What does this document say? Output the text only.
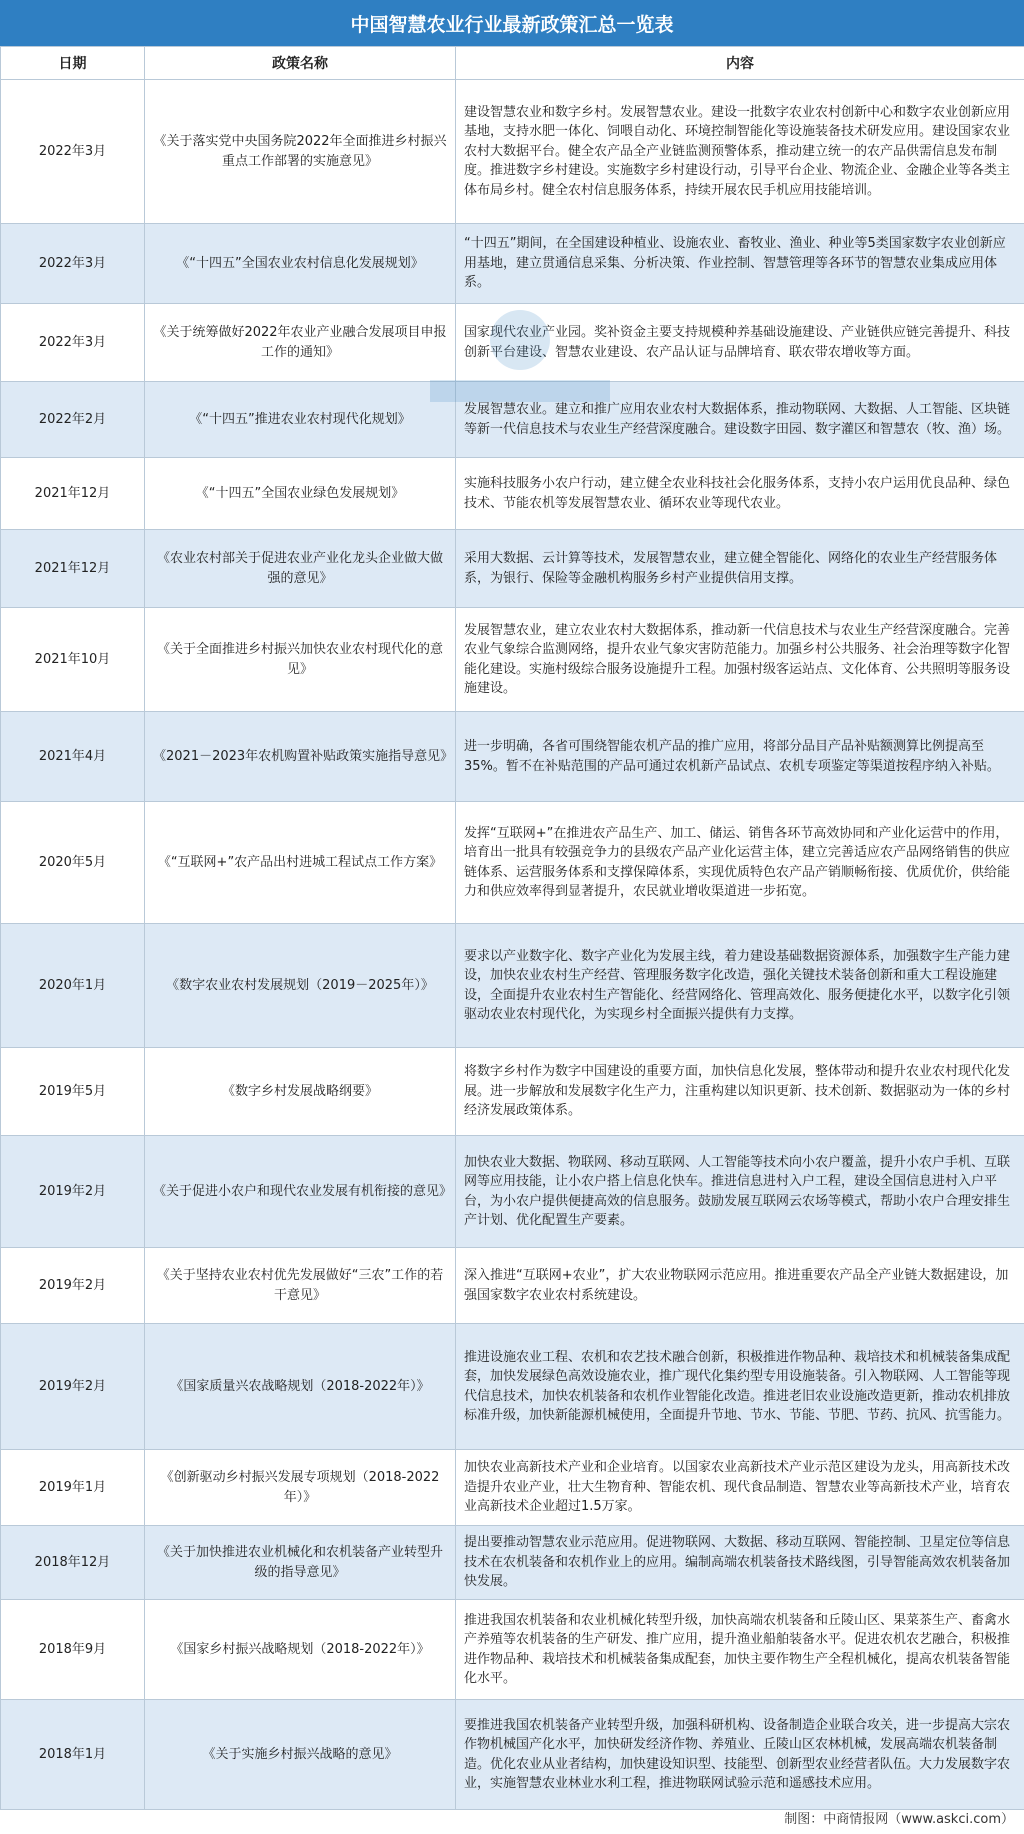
中国智慧农业行业最新政策汇总一览表
日期	政策名称	内容
2022年3月	《关于落实党中央国务院2022年全面推进乡村振兴重点工作部署的实施意见》	建设智慧农业和数字乡村。发展智慧农业。建设一批数字农业农村创新中心和数字农业创新应用基地，支持水肥一体化、饲喂自动化、环境控制智能化等设施装备技术研发应用。建设国家农业农村大数据平台。健全农产品全产业链监测预警体系，推动建立统一的农产品供需信息发布制度。推进数字乡村建设。实施数字乡村建设行动，引导平台企业、物流企业、金融企业等各类主体布局乡村。健全农村信息服务体系，持续开展农民手机应用技能培训。
2022年3月	《“十四五”全国农业农村信息化发展规划》	“十四五”期间，在全国建设种植业、设施农业、畜牧业、渔业、种业等5类国家数字农业创新应用基地，建立贯通信息采集、分析决策、作业控制、智慧管理等各环节的智慧农业集成应用体系。
2022年3月	《关于统筹做好2022年农业产业融合发展项目申报工作的通知》	国家现代农业产业园。奖补资金主要支持规模种养基础设施建设、产业链供应链完善提升、科技创新平台建设、智慧农业建设、农产品认证与品牌培育、联农带农增收等方面。
2022年2月	《“十四五”推进农业农村现代化规划》	发展智慧农业。建立和推广应用农业农村大数据体系，推动物联网、大数据、人工智能、区块链等新一代信息技术与农业生产经营深度融合。建设数字田园、数字灌区和智慧农（牧、渔）场。
2021年12月	《“十四五”全国农业绿色发展规划》	实施科技服务小农户行动，建立健全农业科技社会化服务体系，支持小农户运用优良品种、绿色技术、节能农机等发展智慧农业、循环农业等现代农业。
2021年12月	《农业农村部关于促进农业产业化龙头企业做大做强的意见》	采用大数据、云计算等技术，发展智慧农业，建立健全智能化、网络化的农业生产经营服务体系，为银行、保险等金融机构服务乡村产业提供信用支撑。
2021年10月	《关于全面推进乡村振兴加快农业农村现代化的意见》	发展智慧农业，建立农业农村大数据体系，推动新一代信息技术与农业生产经营深度融合。完善农业气象综合监测网络，提升农业气象灾害防范能力。加强乡村公共服务、社会治理等数字化智能化建设。实施村级综合服务设施提升工程。加强村级客运站点、文化体育、公共照明等服务设施建设。
2021年4月	《2021－2023年农机购置补贴政策实施指导意见》	进一步明确，各省可围绕智能农机产品的推广应用，将部分品目产品补贴额测算比例提高至35%。暂不在补贴范围的产品可通过农机新产品试点、农机专项鉴定等渠道按程序纳入补贴。
2020年5月	《“互联网+”农产品出村进城工程试点工作方案》	发挥“互联网+”在推进农产品生产、加工、储运、销售各环节高效协同和产业化运营中的作用，培育出一批具有较强竞争力的县级农产品产业化运营主体，建立完善适应农产品网络销售的供应链体系、运营服务体系和支撑保障体系，实现优质特色农产品产销顺畅衔接、优质优价，供给能力和供应效率得到显著提升，农民就业增收渠道进一步拓宽。
2020年1月	《数字农业农村发展规划（2019－2025年）》	要求以产业数字化、数字产业化为发展主线，着力建设基础数据资源体系，加强数字生产能力建设，加快农业农村生产经营、管理服务数字化改造，强化关键技术装备创新和重大工程设施建设，全面提升农业农村生产智能化、经营网络化、管理高效化、服务便捷化水平，以数字化引领驱动农业农村现代化，为实现乡村全面振兴提供有力支撑。
2019年5月	《数字乡村发展战略纲要》	将数字乡村作为数字中国建设的重要方面，加快信息化发展，整体带动和提升农业农村现代化发展。进一步解放和发展数字化生产力，注重构建以知识更新、技术创新、数据驱动为一体的乡村经济发展政策体系。
2019年2月	《关于促进小农户和现代农业发展有机衔接的意见》	加快农业大数据、物联网、移动互联网、人工智能等技术向小农户覆盖，提升小农户手机、互联网等应用技能，让小农户搭上信息化快车。推进信息进村入户工程，建设全国信息进村入户平台，为小农户提供便捷高效的信息服务。鼓励发展互联网云农场等模式，帮助小农户合理安排生产计划、优化配置生产要素。
2019年2月	《关于坚持农业农村优先发展做好“三农”工作的若干意见》	深入推进“互联网+农业”，扩大农业物联网示范应用。推进重要农产品全产业链大数据建设，加强国家数字农业农村系统建设。
2019年2月	《国家质量兴农战略规划（2018-2022年）》	推进设施农业工程、农机和农艺技术融合创新，积极推进作物品种、栽培技术和机械装备集成配套，加快发展绿色高效设施农业，推广现代化集约型专用设施装备。引入物联网、人工智能等现代信息技术，加快农机装备和农机作业智能化改造。推进老旧农业设施改造更新，推动农机排放标准升级，加快新能源机械使用，全面提升节地、节水、节能、节肥、节药、抗风、抗雪能力。
2019年1月	《创新驱动乡村振兴发展专项规划（2018-2022年）》	加快农业高新技术产业和企业培育。以国家农业高新技术产业示范区建设为龙头，用高新技术改造提升农业产业，壮大生物育种、智能农机、现代食品制造、智慧农业等高新技术产业，培育农业高新技术企业超过1.5万家。
2018年12月	《关于加快推进农业机械化和农机装备产业转型升级的指导意见》	提出要推动智慧农业示范应用。促进物联网、大数据、移动互联网、智能控制、卫星定位等信息技术在农机装备和农机作业上的应用。编制高端农机装备技术路线图，引导智能高效农机装备加快发展。
2018年9月	《国家乡村振兴战略规划（2018-2022年）》	推进我国农机装备和农业机械化转型升级，加快高端农机装备和丘陵山区、果菜茶生产、畜禽水产养殖等农机装备的生产研发、推广应用，提升渔业船舶装备水平。促进农机农艺融合，积极推进作物品种、栽培技术和机械装备集成配套，加快主要作物生产全程机械化，提高农机装备智能化水平。
2018年1月	《关于实施乡村振兴战略的意见》	要推进我国农机装备产业转型升级，加强科研机构、设备制造企业联合攻关，进一步提高大宗农作物机械国产化水平，加快研发经济作物、养殖业、丘陵山区农林机械，发展高端农机装备制造。优化农业从业者结构，加快建设知识型、技能型、创新型农业经营者队伍。大力发展数字农业，实施智慧农业林业水利工程，推进物联网试验示范和遥感技术应用。
制图：中商情报网（www.askci.com）
